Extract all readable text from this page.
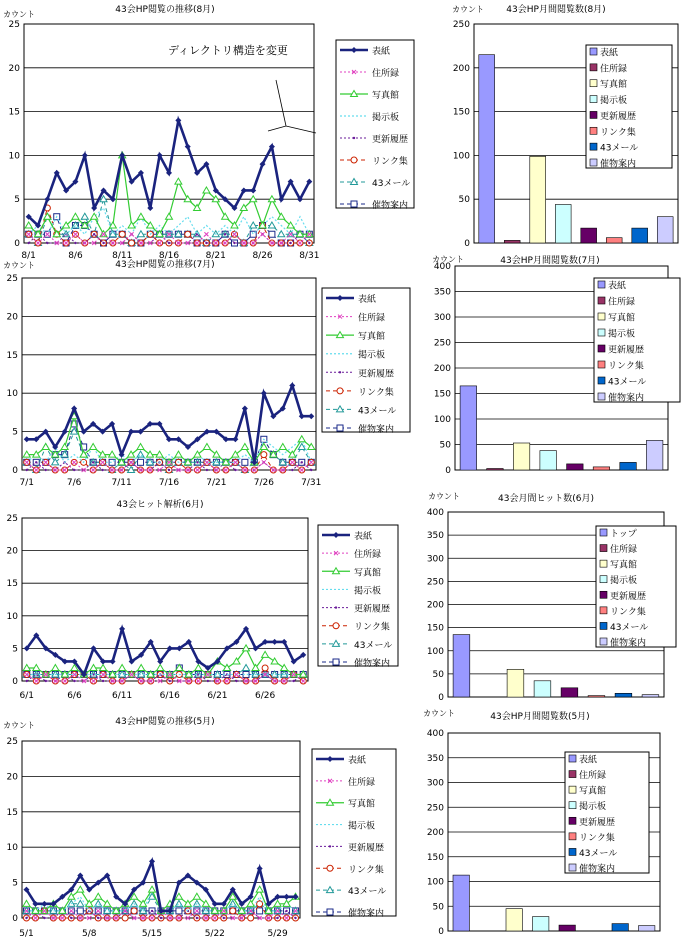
0
5
10
15
20
25
43会HP閲覧の推移(8月)
カウント
8/1	8/6	8/11	8/16	8/21	8/26	8/31
表紙
住所録
写真館
掲示板
更新履歴
リンク集
43メール
催物案内
ディレクトリ構造を変更
0
50
100
150
200
250
43会HP月間閲覧数(8月)
カウント
表紙
住所録
写真館
掲示板
更新履歴
リンク集
43メール
催物案内
0
5
10
15
20
25
43会HP閲覧の推移(7月)
カウント
7/1	7/6	7/11	7/16	7/21	7/26	7/31
表紙
住所録
写真館
掲示板
更新履歴
リンク集
43メール
催物案内
0
50
100
150
200
250
300
350
400
43会HP月間閲覧数(7月)
カウント
表紙
住所録
写真館
掲示板
更新履歴
リンク集
43メール
催物案内
0
5
10
15
20
25
43会ヒット解析(6月)
6/1	6/6	6/11	6/16	6/21	6/26
表紙
住所録
写真館
掲示板
更新履歴
リンク集
43メール
催物案内
0
50
100
150
200
250
300
350
400
43会月間ヒット数(6月)
カウント
トップ
住所録
写真館
掲示板
更新履歴
リンク集
43メール
催物案内
0
5
10
15
20
25
43会HP閲覧の推移(5月)
カウント
5/1	5/8	5/15	5/22	5/29
表紙
住所録
写真館
掲示板
更新履歴
リンク集
43メール
催物案内
0
50
100
150
200
250
300
350
400
43会HP月間閲覧数(5月)
カウント
表紙
住所録
写真館
掲示板
更新履歴
リンク集
43メール
催物案内
